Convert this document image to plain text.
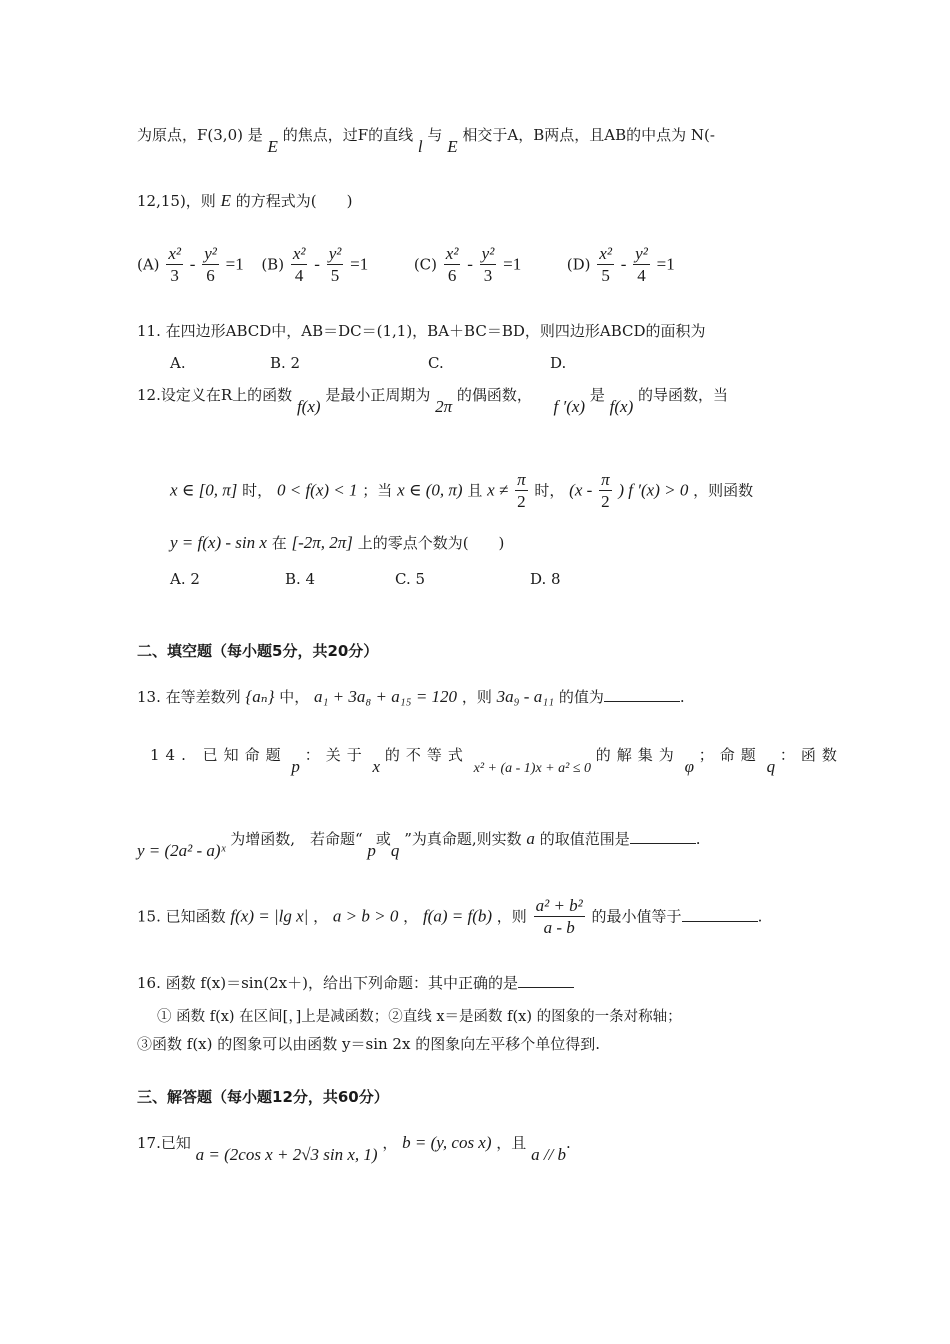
为原点，F(3,0) 是 E 的焦点，过F的直线 l 与 E 相交于A，B两点，且AB的中点为 N(-
12,15)，则 E 的方程式为(　　)
$(A) \frac{\text{x²}}{3} - \frac{\text{y²}}{6} =1$ $(B) \frac{\text{x²}}{4} - \frac{\text{y²}}{5} =1$	$(C) \frac{\text{x²}}{6} - \frac{\text{y²}}{3} =1$	$(D) \frac{\text{x²}}{5} - \frac{\text{y²}}{4} =1$
11. 在四边形ABCD中，AB＝DC＝(1,1)，BA＋BC＝BD，则四边形ABCD的面积为
A.	B. 2	C.	D.
12.设定义在R上的函数 f(x) 是最小正周期为 2π 的偶函数，  f ′(x) 是 f(x) 的导函数，当
x ∈ [0, π] 时， 0 < f(x) < 1 ；当 x ∈ (0, π) 且 $x \ne \frac{\pi}{2}$ 时， ($x - \frac{\pi}{2}$ ) f ′(x) > 0 ，则函数
y = f(x) - sin x 在 [-2π, 2π] 上的零点个数为(　　)
A. 2	B. 4	C. 5	D. 8
二、填空题（每小题5分，共20分）
13. 在等差数列 {aₙ} 中， a₁ + 3a₈ + a₁₅ = 120 ，则 3a₉ - a₁₁ 的值为	.
14. 已知命题 p ：关于 x 的不等式 x² + (a - 1)x + a² ≤ 0 的解集为 φ ；命题 q ：函数
y = (2a² - a)ˣ 为增函数,　若命题“ p或q ”为真命题,则实数 a 的取值范围是	.
15. 已知函数 f(x) = |lg x| ， a > b > 0 ， f(a) = f(b) ，则 $\frac{\text{a² + b²}}{a - b}$ 的最小值等于	.
16. 函数 f(x)＝sin(2x＋)，给出下列命题：其中正确的是
① 函数 f(x) 在区间[，]上是减函数；②直线 x＝是函数 f(x) 的图象的一条对称轴；
③函数 f(x) 的图象可以由函数 y＝sin 2x 的图象向左平移个单位得到.
三、解答题（每小题12分，共60分）
17.已知 a = (2cos x + 2√3 sin x, 1) ， b = (y, cos x) ，且 a // b.
